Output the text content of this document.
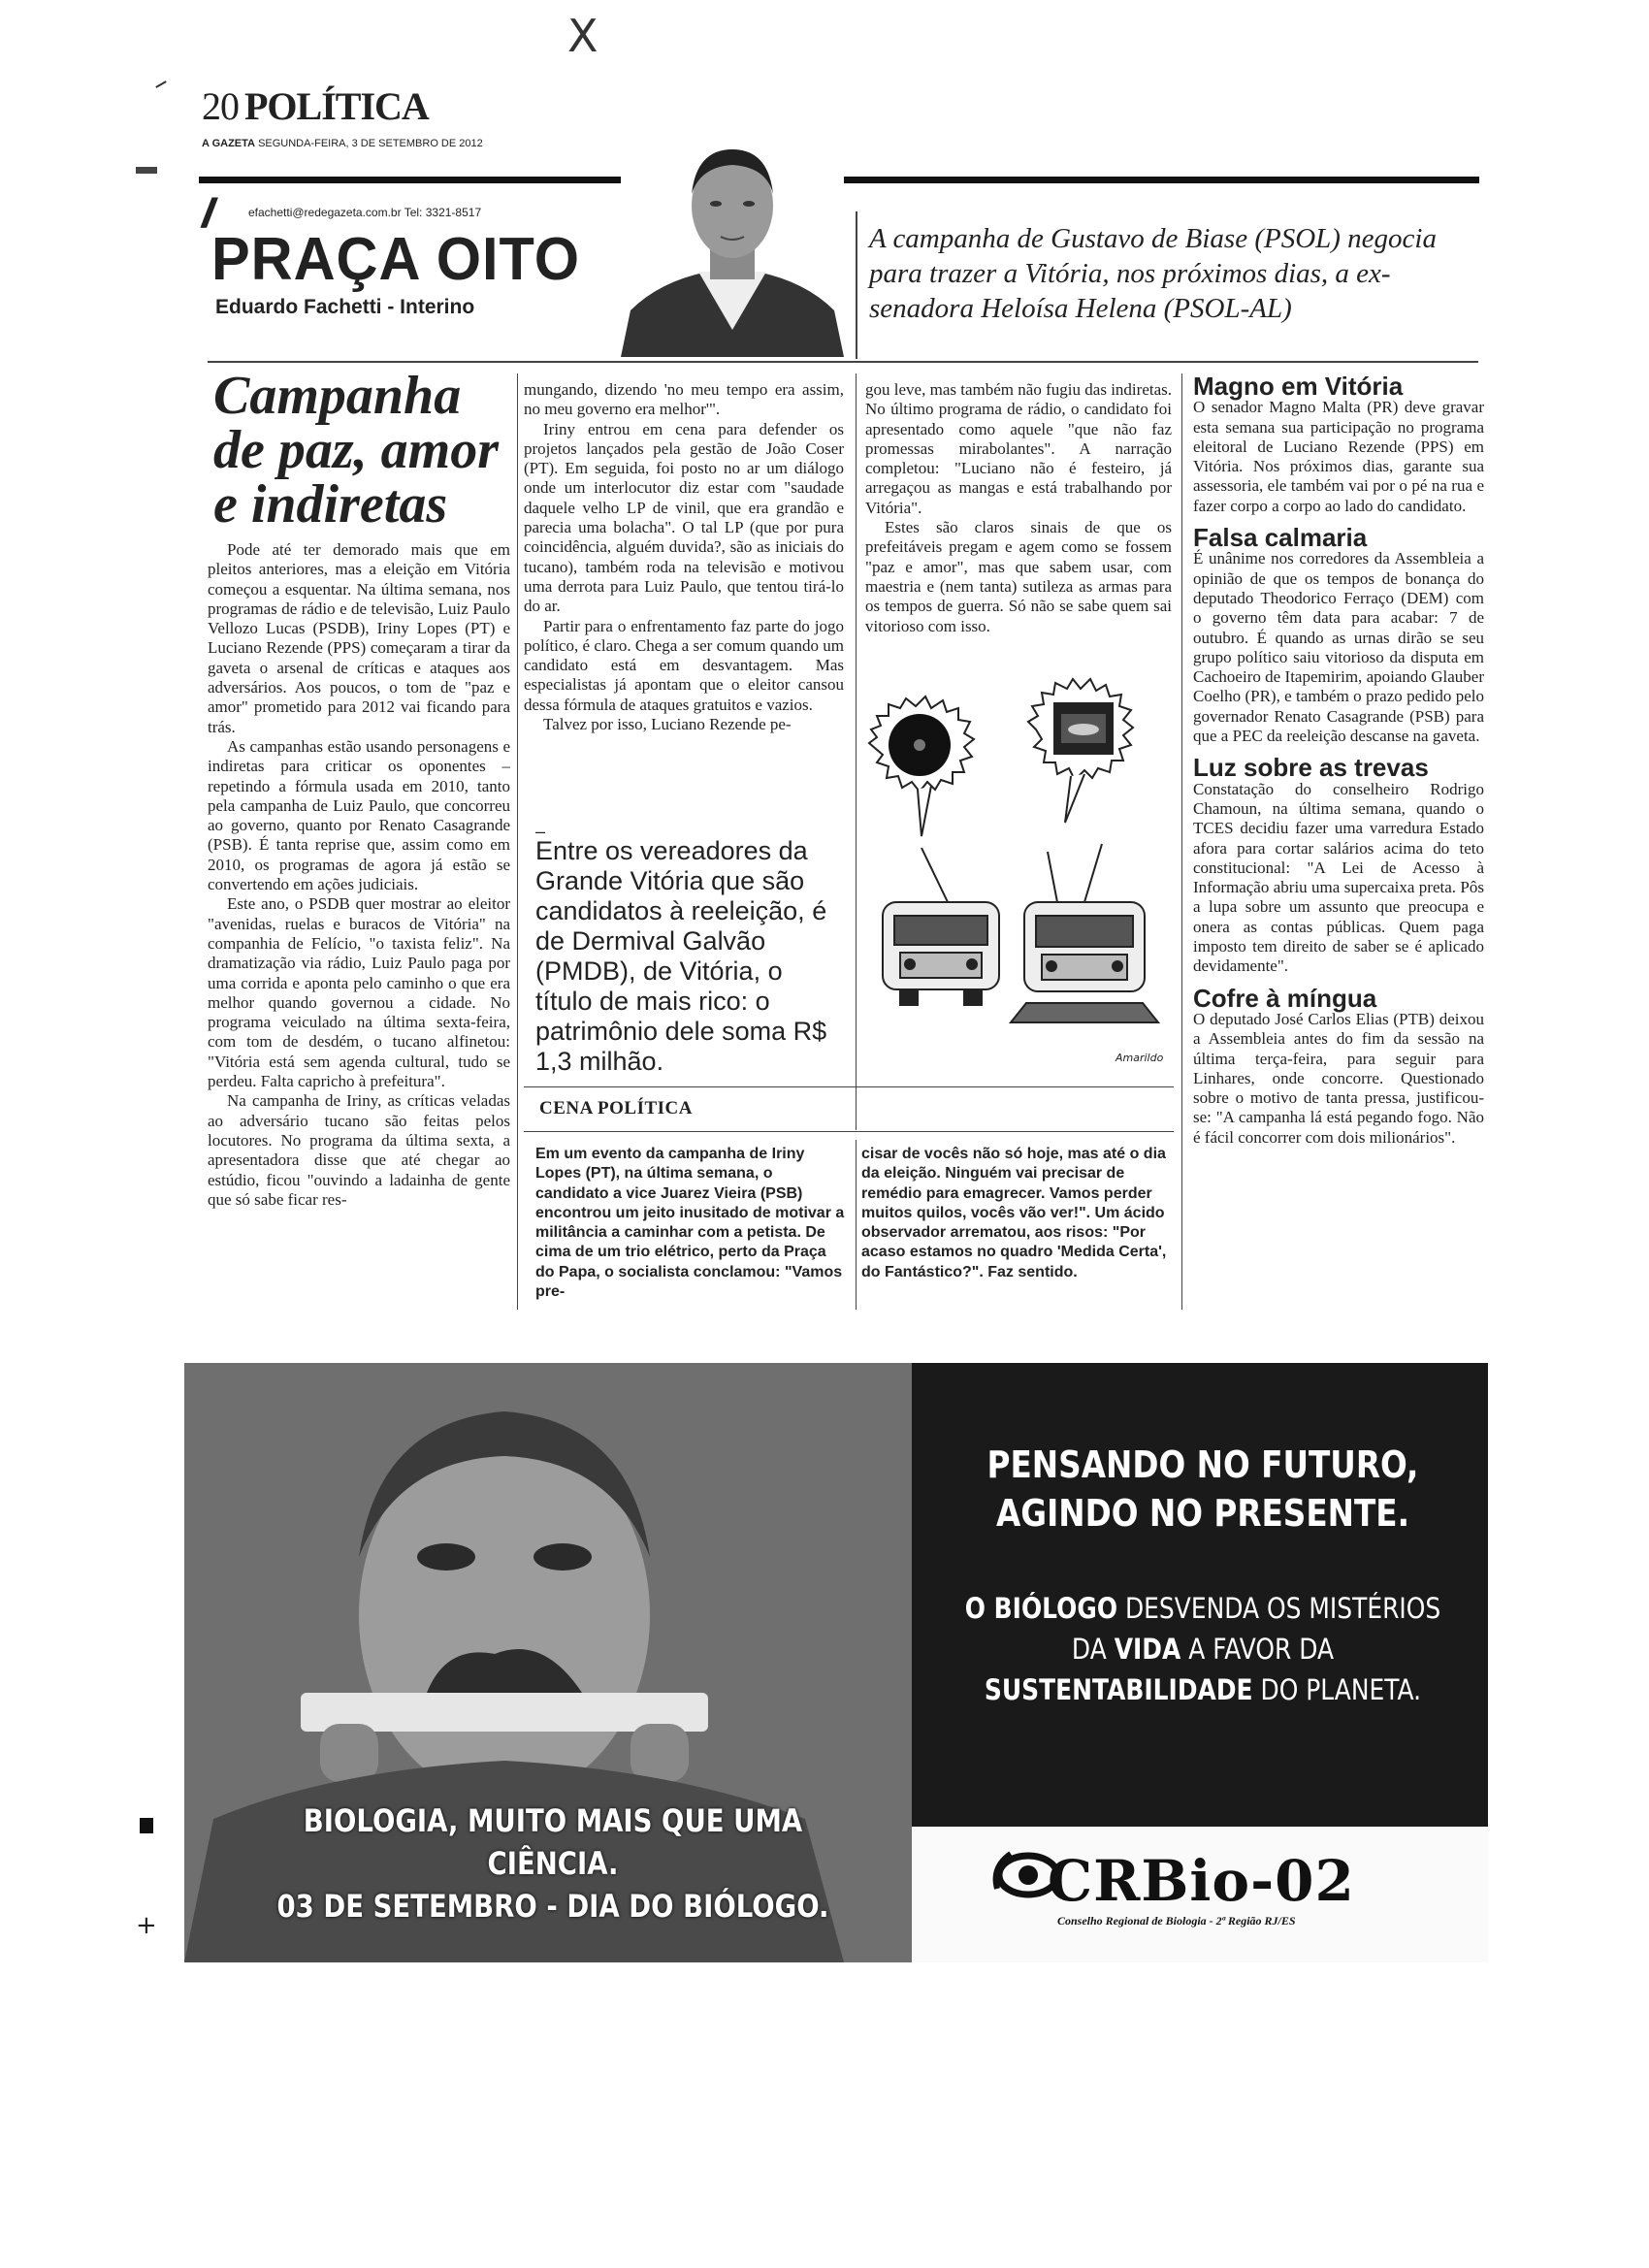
X
+
20 POLÍTICA
A GAZETA SEGUNDA-FEIRA, 3 DE SETEMBRO DE 2012
//	efachetti@redegazeta.com.br Tel: 3321-8517
PRAÇA OITO
Eduardo Fachetti - Interino
A campanha de Gustavo de Biase (PSOL) negocia para trazer a Vitória, nos próximos dias, a ex-senadora Heloísa Helena (PSOL-AL)
Campanha de paz, amor e indiretas

Pode até ter demorado mais que em pleitos anteriores, mas a eleição em Vitória começou a esquentar. Na última semana, nos programas de rádio e de televisão, Luiz Paulo Vellozo Lucas (PSDB), Iriny Lopes (PT) e Luciano Rezende (PPS) começaram a tirar da gaveta o arsenal de críticas e ataques aos adversários. Aos poucos, o tom de "paz e amor" prometido para 2012 vai ficando para trás.

As campanhas estão usando personagens e indiretas para criticar os oponentes – repetindo a fórmula usada em 2010, tanto pela campanha de Luiz Paulo, que concorreu ao governo, quanto por Renato Casagrande (PSB). É tanta reprise que, assim como em 2010, os programas de agora já estão se convertendo em ações judiciais.

Este ano, o PSDB quer mostrar ao eleitor "avenidas, ruelas e buracos de Vitória" na companhia de Felício, "o taxista feliz". Na dramatização via rádio, Luiz Paulo paga por uma corrida e aponta pelo caminho o que era melhor quando governou a cidade. No programa veiculado na última sexta-feira, com tom de desdém, o tucano alfinetou: "Vitória está sem agenda cultural, tudo se perdeu. Falta capricho à prefeitura".

Na campanha de Iriny, as críticas veladas ao adversário tucano são feitas pelos locutores. No programa da última sexta, a apresentadora disse que até chegar ao estúdio, ficou "ouvindo a ladainha de gente que só sabe ficar res-

mungando, dizendo 'no meu tempo era assim, no meu governo era melhor'".

Iriny entrou em cena para defender os projetos lançados pela gestão de João Coser (PT). Em seguida, foi posto no ar um diálogo onde um interlocutor diz estar com "saudade daquele velho LP de vinil, que era grandão e parecia uma bolacha". O tal LP (que por pura coincidência, alguém duvida?, são as iniciais do tucano), também roda na televisão e motivou uma derrota para Luiz Paulo, que tentou tirá-lo do ar.

Partir para o enfrentamento faz parte do jogo político, é claro. Chega a ser comum quando um candidato está em desvantagem. Mas especialistas já apontam que o eleitor cansou dessa fórmula de ataques gratuitos e vazios.

Talvez por isso, Luciano Rezende pe-

gou leve, mas também não fugiu das indiretas. No último programa de rádio, o candidato foi apresentado como aquele "que não faz promessas mirabolantes". A narração completou: "Luciano não é festeiro, já arregaçou as mangas e está trabalhando por Vitória".

Estes são claros sinais de que os prefeitáveis pregam e agem como se fossem "paz e amor", mas que sabem usar, com maestria e (nem tanta) sutileza as armas para os tempos de guerra. Só não se sabe quem sai vitorioso com isso.

–
Entre os vereadores da Grande Vitória que são candidatos à reeleição, é de Dermival Galvão (PMDB), de Vitória, o título de mais rico: o patrimônio dele soma R$ 1,3 milhão.	Amarildo
Magno em Vitória

O senador Magno Malta (PR) deve gravar esta semana sua participação no programa eleitoral de Luciano Rezende (PPS) em Vitória. Nos próximos dias, garante sua assessoria, ele também vai por o pé na rua e fazer corpo a corpo ao lado do candidato.

Falsa calmaria

É unânime nos corredores da Assembleia a opinião de que os tempos de bonança do deputado Theodorico Ferraço (DEM) com o governo têm data para acabar: 7 de outubro. É quando as urnas dirão se seu grupo político saiu vitorioso da disputa em Cachoeiro de Itapemirim, apoiando Glauber Coelho (PR), e também o prazo pedido pelo governador Renato Casagrande (PSB) para que a PEC da reeleição descanse na gaveta.

Luz sobre as trevas

Constatação do conselheiro Rodrigo Chamoun, na última semana, quando o TCES decidiu fazer uma varredura Estado afora para cortar salários acima do teto constitucional: "A Lei de Acesso à Informação abriu uma supercaixa preta. Pôs a lupa sobre um assunto que preocupa e onera as contas públicas. Quem paga imposto tem direito de saber se é aplicado devidamente".

Cofre à míngua

O deputado José Carlos Elias (PTB) deixou a Assembleia antes do fim da sessão na última terça-feira, para seguir para Linhares, onde concorre. Questionado sobre o motivo de tanta pressa, justificou-se: "A campanha lá está pegando fogo. Não é fácil concorrer com dois milionários".

CENA POLÍTICA
Em um evento da campanha de Iriny Lopes (PT), na última semana, o candidato a vice Juarez Vieira (PSB) encontrou um jeito inusitado de motivar a militância a caminhar com a petista. De cima de um trio elétrico, perto da Praça do Papa, o socialista conclamou: "Vamos pre-
cisar de vocês não só hoje, mas até o dia da eleição. Ninguém vai precisar de remédio para emagrecer. Vamos perder muitos quilos, vocês vão ver!". Um ácido observador arrematou, aos risos: "Por acaso estamos no quadro 'Medida Certa', do Fantástico?". Faz sentido.
PENSANDO NO FUTURO,
AGINDO NO PRESENTE.
O BIÓLOGO DESVENDA OS MISTÉRIOS
DA VIDA A FAVOR DA
SUSTENTABILIDADE DO PLANETA.
BIOLOGIA, MUITO MAIS QUE UMA CIÊNCIA.
03 DE SETEMBRO - DIA DO BIÓLOGO.	CRBio-02
Conselho Regional de Biologia - 2ª Região RJ/ES
